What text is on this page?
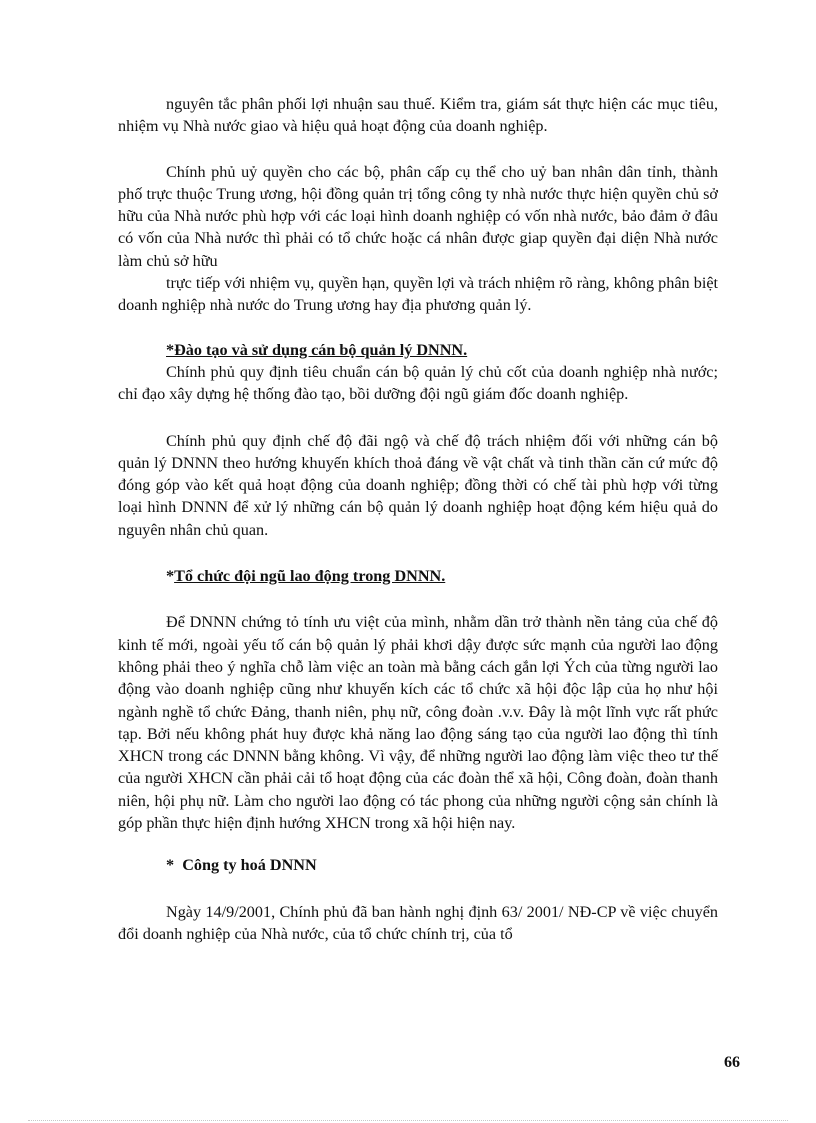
nguyên tắc phân phối lợi nhuận sau thuế. Kiểm tra, giám sát thực hiện các mục tiêu, nhiệm vụ Nhà nước giao và hiệu quả hoạt động của doanh nghiệp.

Chính phủ uỷ quyền cho các bộ, phân cấp cụ thể cho uỷ ban nhân dân tỉnh, thành phố trực thuộc Trung ương, hội đồng quản trị tổng công ty nhà nước thực hiện quyền chủ sở hữu của Nhà nước phù hợp với các loại hình doanh nghiệp có vốn nhà nước, bảo đảm ở đâu có vốn của Nhà nước thì phải có tổ chức hoặc cá nhân được giap quyền đại diện Nhà nước làm chủ sở hữu

trực tiếp với nhiệm vụ, quyền hạn, quyền lợi và trách nhiệm rõ ràng, không phân biệt doanh nghiệp nhà nước do Trung ương hay địa phương quản lý.

*Đào tạo và sử dụng cán bộ quản lý DNNN.

Chính phủ quy định tiêu chuẩn cán bộ quản lý chủ cốt của doanh nghiệp nhà nước; chỉ đạo xây dựng hệ thống đào tạo, bồi dưỡng đội ngũ giám đốc doanh nghiệp.

Chính phủ quy định chế độ đãi ngộ và chế độ trách nhiệm đối với những cán bộ quản lý DNNN theo hướng khuyến khích thoả đáng về vật chất và tinh thần căn cứ mức độ đóng góp vào kết quả hoạt động của doanh nghiệp; đồng thời có chế tài phù hợp với từng loại hình DNNN để xử lý những cán bộ quản lý doanh nghiệp hoạt động kém hiệu quả do nguyên nhân chủ quan.

*Tổ chức đội ngũ lao động trong DNNN.

Để DNNN chứng tỏ tính ưu việt của mình, nhằm dần trở thành nền tảng của chế độ kinh tế mới, ngoài yếu tố cán bộ quản lý phải khơi dậy được sức mạnh của người lao động không phải theo ý nghĩa chỗ làm việc an toàn mà bằng cách gắn lợi Ých của từng người lao động vào doanh nghiệp cũng như khuyến kích các tổ chức xã hội độc lập của họ như hội ngành nghề tổ chức Đảng, thanh niên, phụ nữ, công đoàn .v.v. Đây là một lĩnh vực rất phức tạp. Bởi nếu không phát huy được khả năng lao động sáng tạo của người lao động thì tính XHCN trong các DNNN bằng không. Vì vậy, để những người lao động làm việc theo tư thế của người XHCN cần phải cải tổ hoạt động của các đoàn thể xã hội, Công đoàn, đoàn thanh niên, hội phụ nữ. Làm cho người lao động có tác phong của những người cộng sản chính là góp phần thực hiện định hướng XHCN trong xã hội hiện nay.

*  Công ty hoá DNNN

Ngày 14/9/2001, Chính phủ đã ban hành nghị định 63/ 2001/ NĐ-CP về việc chuyển đổi doanh nghiệp của Nhà nước, của tổ chức chính trị, của tổ

66
